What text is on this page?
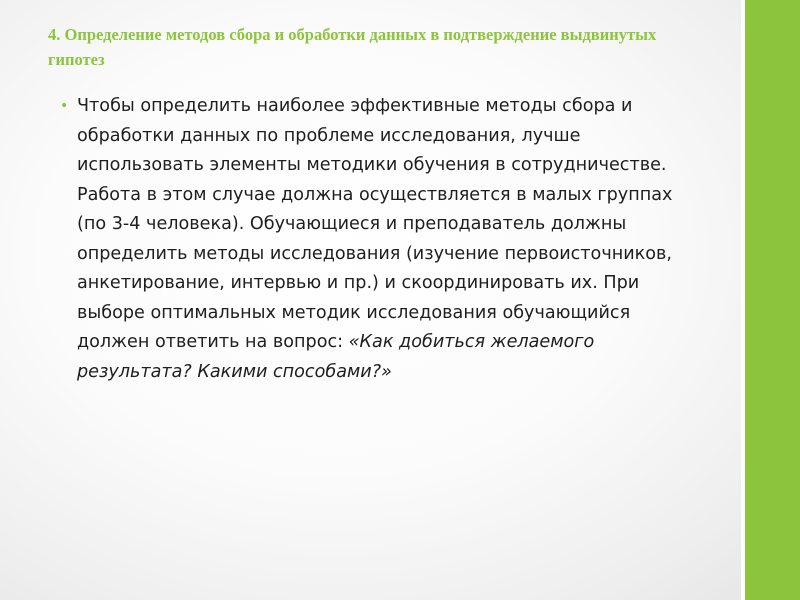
4. Определение методов сбора и обработки данных в подтверждение выдвинутых гипотез
• Чтобы определить наиболее эффективные методы сбора и обработки данных по проблеме исследования, лучше использовать элементы методики обучения в сотрудничестве. Работа в этом случае должна осуществляется в малых группах (по 3-4 человека). Обучающиеся и преподаватель должны определить методы исследования (изучение первоисточников, анкетирование, интервью и пр.) и скоординировать их. При выборе оптимальных методик исследования обучающийся должен ответить на вопрос: «Как добиться желаемого результата? Какими способами?»
